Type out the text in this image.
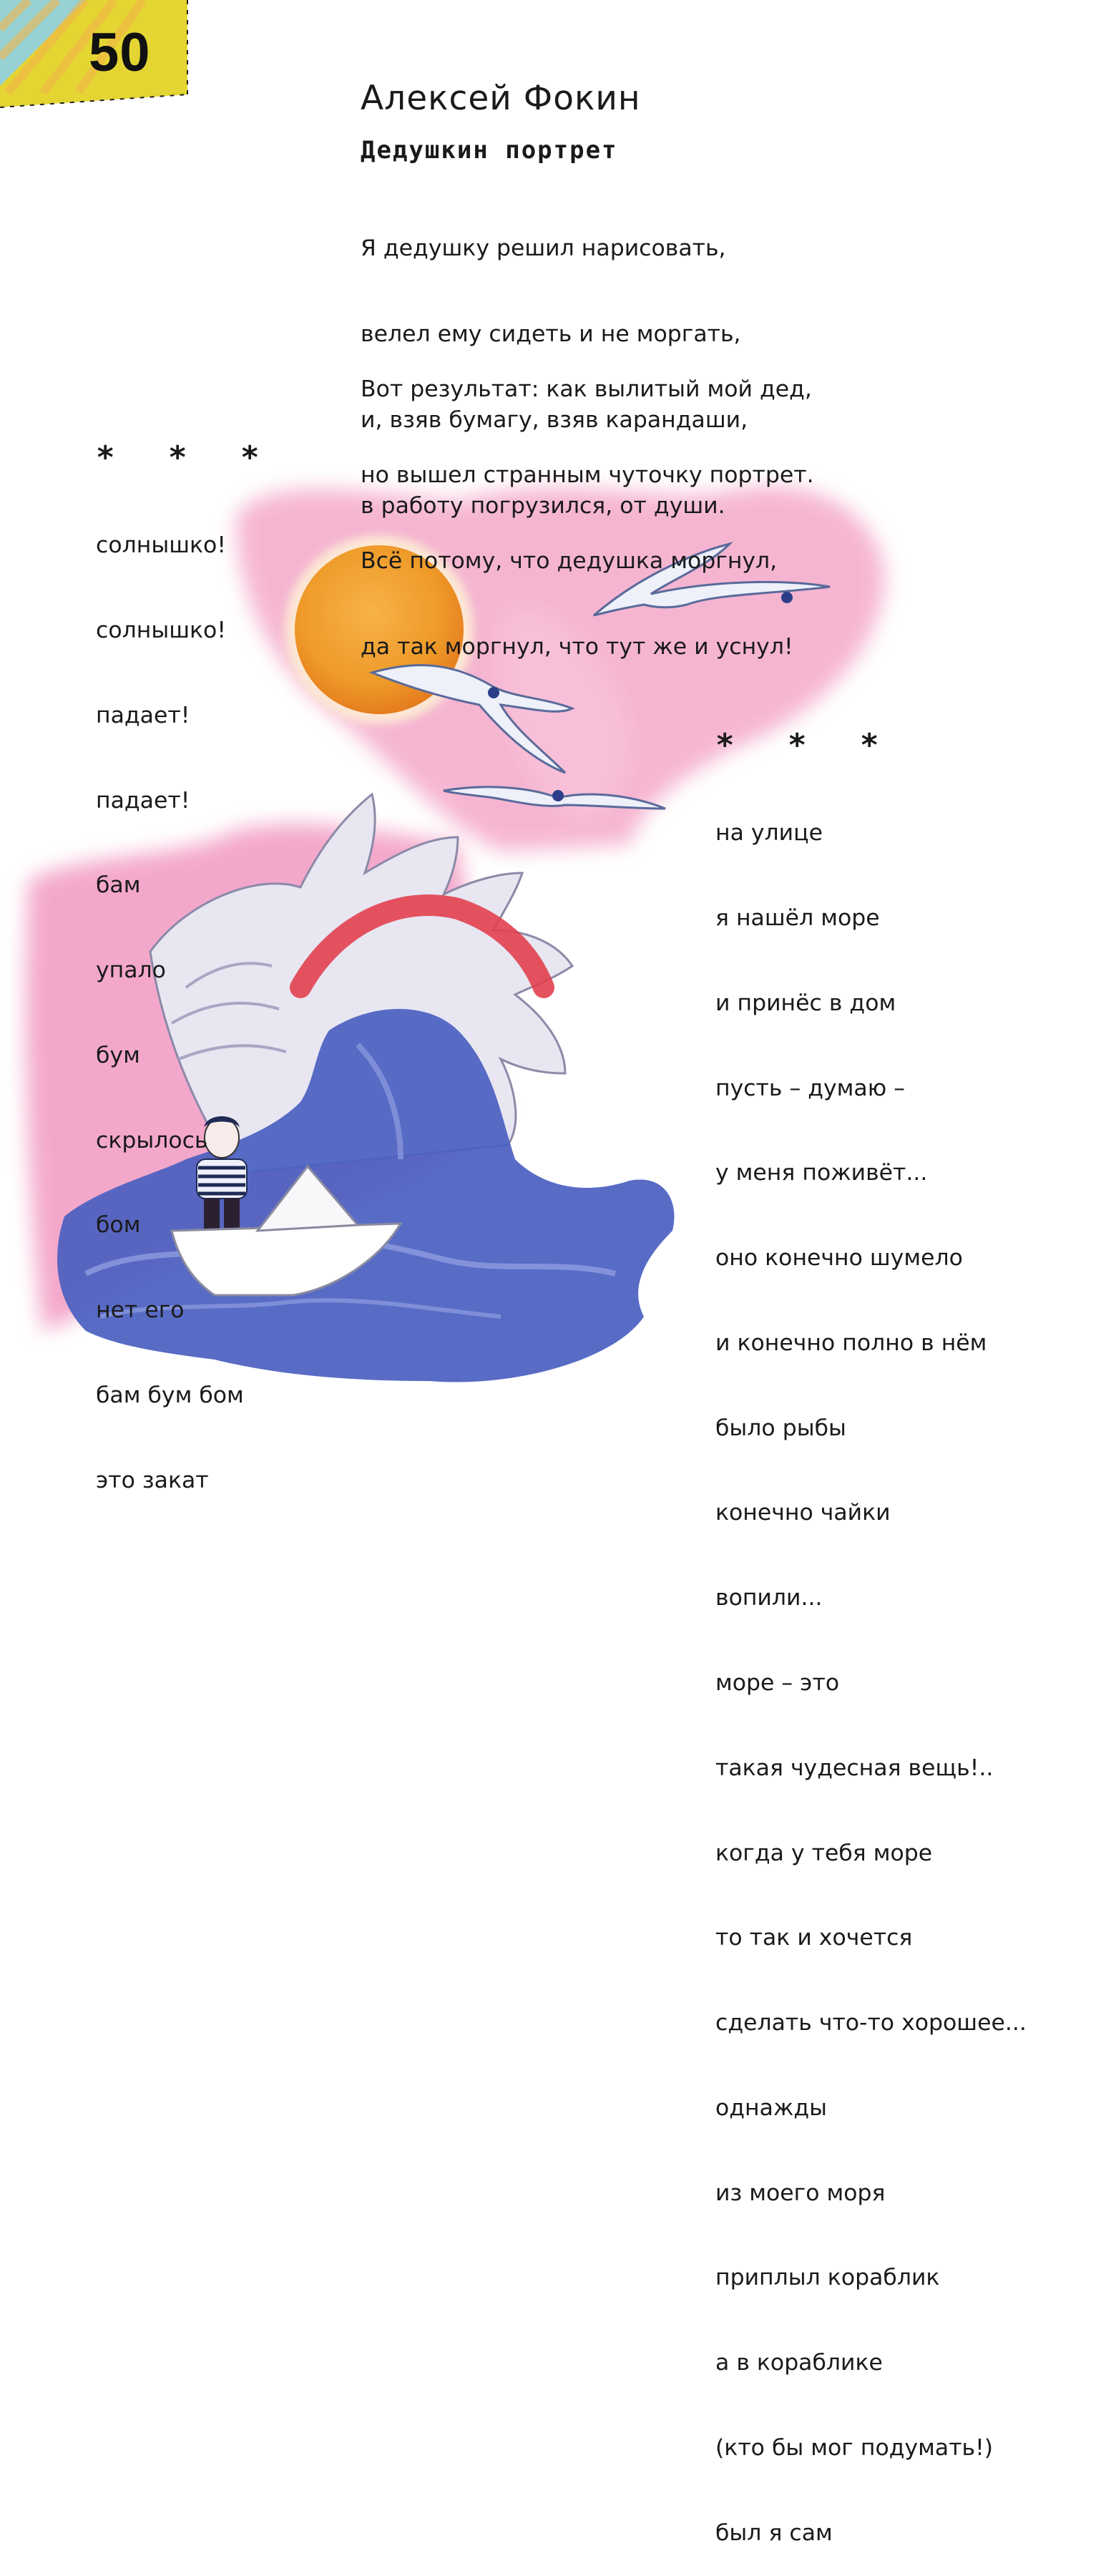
50
Алексей Фокин
Дедушкин портрет

Я дедушку решил нарисовать,

велел ему сидеть и не моргать,

и, взяв бумагу, взяв карандаши,

в работу погрузился, от души.

Вот результат: как вылитый мой дед,

но вышел странным чуточку портрет.

Всё потому, что дедушка моргнул,

да так моргнул, что тут же и уснул!

* * *

солнышко!

солнышко!

падает!

падает!

бам

упало

бум

скрылось

бом

нет его

бам бум бом

это закат

* * *

на улице

я нашёл море

и принёс в дом

пусть – думаю –

у меня поживёт...

оно конечно шумело

и конечно полно в нём

было рыбы

конечно чайки

вопили...

море – это

такая чудесная вещь!..

когда у тебя море

то так и хочется

сделать что-то хорошее...

однажды

из моего моря

приплыл кораблик

а в кораблике

(кто бы мог подумать!)

был я сам
